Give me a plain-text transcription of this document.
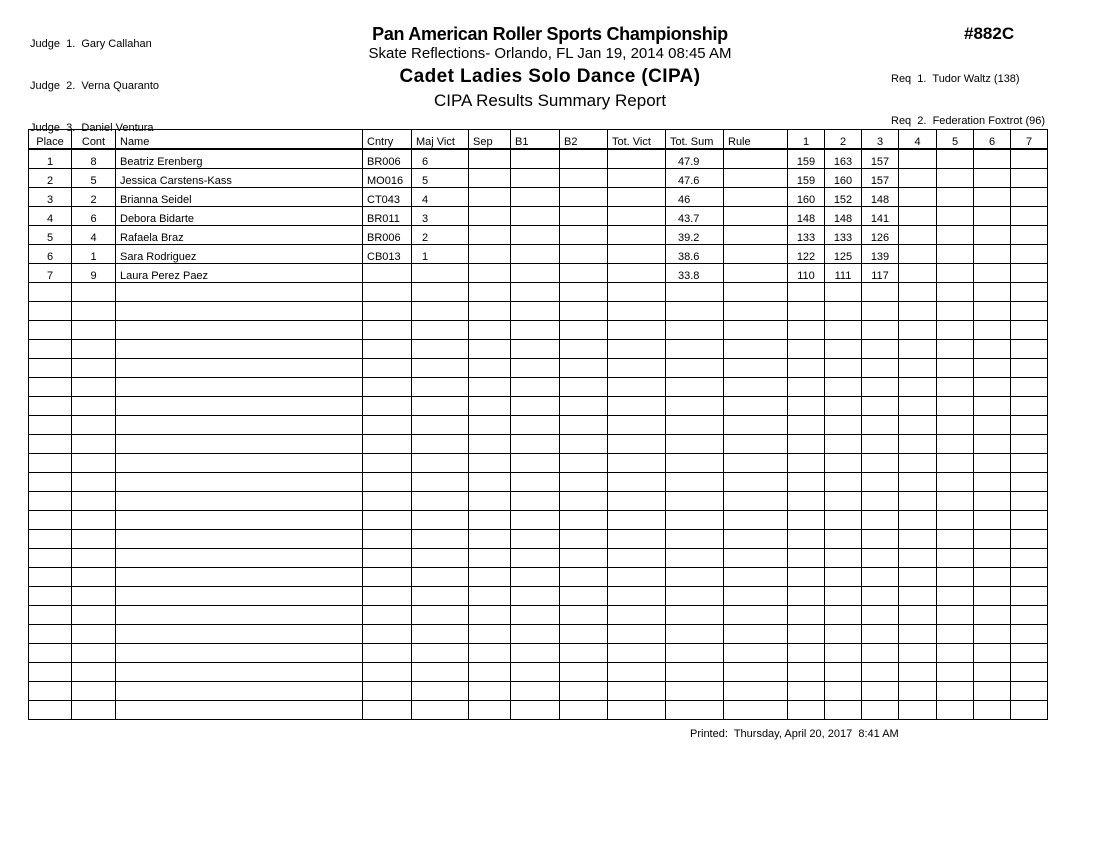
Judge  1.  Gary Callahan

Judge  2.  Verna Quaranto

Judge  3.  Daniel Ventura

Pan American Roller Sports Championship
Skate Reflections- Orlando, FL Jan 19, 2014 08:45 AM
Cadet Ladies Solo Dance (CIPA)
CIPA Results Summary Report
#882C

Req  1.  Tudor Waltz (138)

Req  2.  Federation Foxtrot (96)

Place	Cont	Name	Cntry	Maj Vict	Sep	B1	B2	Tot. Vict	Tot. Sum	Rule	1	2	3	4	5	6	7
1	8	Beatriz Erenberg	BR006	6					47.9		159	163	157				
2	5	Jessica Carstens-Kass	MO016	5					47.6		159	160	157				
3	2	Brianna Seidel	CT043	4					46		160	152	148				
4	6	Debora Bidarte	BR011	3					43.7		148	148	141				
5	4	Rafaela Braz	BR006	2					39.2		133	133	126				
6	1	Sara Rodriguez	CB013	1					38.6		122	125	139				
7	9	Laura Perez Paez							33.8		110	111	117				

Printed:  Thursday, April 20, 2017  8:41 AM
